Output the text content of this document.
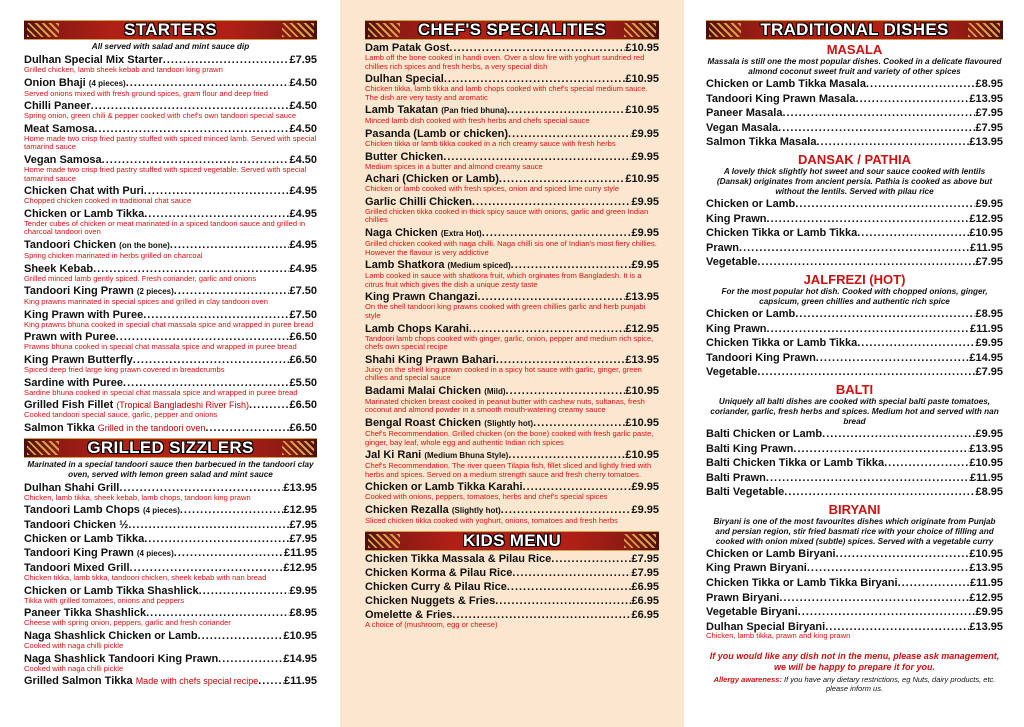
STARTERS
All served with salad and mint sauce dip
Dulhan Special Mix Starter .....	£7.95
Grilled chicken, lamb sheek kebab and tandoori king prawn
Onion Bhaji (4 pieces) .....	£4.50
Served onions mixed with fresh ground spices, gram flour and deep fried
Chilli Paneer .....	£4.50
Spring onion, green chili & pepper cooked with chef's own tandoori special sauce
Meat Samosa .....	£4.50
Home made two crisp fried pastry stuffed with spiced minced lamb. Served with special tamarind sauce
Vegan Samosa .....	£4.50
Home made two crisp fried pastry stuffed with spiced vegetable. Served with special tamarind sauce
Chicken Chat with Puri .....	£4.95
Chopped chicken cooked in traditional chat sauce
Chicken or Lamb Tikka .....	£4.95
Tender cubes of chicken or meat marinated in a spiced tandoori sauce and grilled in charcoal tandoori oven
Tandoori Chicken (on the bone) .....	£4.95
Spring chicken marinated in herbs grilled on charcoal
Sheek Kebab .....	£4.95
Grilled minced lamb gently spiced. Fresh coriander, garlic and onions
Tandoori King Prawn (2 pieces) .....	£7.50
King prawns marinated in special spices and grilled in clay tandoori oven
King Prawn with Puree .....	£7.50
King prawns bhuna cooked in special chat massala spice and wrapped in puree bread
Prawn with Puree .....	£6.50
Prawns bhuna cooked in special chat massala spice and wrapped in puree bread
King Prawn Butterfly .....	£6.50
Spiced deep fried large king prawn covered in breadcrumbs
Sardine with Puree .....	£5.50
Sardine bhuna cooked in special chat massala spice and wrapped in puree bread
Grilled Fish Fillet (Tropical Bangladeshi River Fish) .....	£6.50
Cooked tandoori special sauce, garlic, pepper and onions
Salmon Tikka Grilled in the tandoori oven .....	£6.50
GRILLED SIZZLERS
Marinated in a special tandoori sauce then barbecued in the tandoori clay oven, served with lemon green salad and mint sauce
Dulhan Shahi Grill .....	£13.95
Chicken, lamb tikka, sheek kebab, lamb chops, tandoori king prawn
Tandoori Lamb Chops (4 pieces) .....	£12.95
Tandoori Chicken ½ .....	£7.95
Chicken or Lamb Tikka .....	£7.95
Tandoori King Prawn (4 pieces) .....	£11.95
Tandoori Mixed Grill .....	£12.95
Chicken tikka, lamb tikka, tandoori chicken, sheek kebab with nan bread
Chicken or Lamb Tikka Shashlick .....	£9.95
Tikka with grilled tomatoes, onions and peppers
Paneer Tikka Shashlick .....	£8.95
Cheese with spring onion, peppers, garlic and fresh coriander
Naga Shashlick Chicken or Lamb .....	£10.95
Cooked with naga chilli pickle
Naga Shashlick Tandoori King Prawn .....	£14.95
Cooked with naga chilli pickle
Grilled Salmon Tikka Made with chefs special recipe ..... £11.95
CHEF'S SPECIALITIES
Dam Patak Gost .....	£10.95
Lamb off the bone cooked in handi oven. Over a slow fire with yoghurt sundried red chillies rich spices and fresh herbs, a very special dish
Dulhan Special .....	£10.95
Chicken tikka, lamb tikka and lamb chops cooked with chef's special medium sauce. The dish are very tasty and aromatic
Lamb Takatan (Pan fried bhuna) .....	£10.95
Minced lamb dish cooked with fresh herbs and chefs special sauce
Pasanda (Lamb or chicken) .....	£9.95
Chicken tikka or lamb tikka cooked in a rich creamy sauce with fresh herbs
Butter Chicken .....	£9.95
Medium spices in a butter and almond creamy sauce
Achari (Chicken or Lamb) .....	£10.95
Chicken or lamb cooked with fresh spices, onion and spiced lime curry style
Garlic Chilli Chicken .....	£9.95
Grilled chicken tikka cooked in thick spicy sauce with onions, garlic and green Indian chillies
Naga Chicken (Extra Hot) .....	£9.95
Grilled chicken cooked with naga chilli. Naga chilli sis one of Indian's most fiery chillies. However the flavour is very addictive
Lamb Shatkora (Medium spiced) .....	£9.95
Lamb cooked in sauce with shatkora fruit, which orginates from Bangladesh. It is a citrus fruit which gives the dish a unique zesty taste
King Prawn Changazi .....	£13.95
On the shell tandoori king prawns cooked with green chillies garlic and herb punjabi style
Lamb Chops Karahi .....	£12.95
Tandoori lamb chops cooked with ginger, garlic, onion, pepper and medium rich spice, chefs own special recipe
Shahi King Prawn Bahari .....	£13.95
Juicy on the shell king prawn cooked in a spicy hot sauce with garlic, ginger, green chillies and special sauce
Badami Malai Chicken (Mild) .....	£10.95
Marinated chicken breast cooked in peanut butter with cashew nuts, sultanas, fresh coconut and almond powder in a smooth mouth-watering creamy sauce
Bengal Roast Chicken (Slightly hot) .....	£10.95
Chef's Recommendation. Grilled chicken (on the bone) cooked with fresh garlic paste, ginger, bay leaf, whole egg and authentic Indian rich spices
Jal Ki Rani (Medium Bhuna Style) .....	£10.95
Chef's Recommendation. The river queen Tilapia fish, fillet sliced and lightly fried with herbs and spices. Served on a medium strength sauce and fresh cherry tomatoes.
Chicken or Lamb Tikka Karahi .....	£9.95
Cooked with onions, peppers, tomatoes, herbs and chef's special spices
Chicken Rezalla (Slightly hot) .....	£9.95
Sliced chicken tikka cooked with yoghurt, onions, tomatoes and fresh herbs
KIDS MENU
Chicken Tikka Massala & Pilau Rice .....	£7.95
Chicken Korma & Pilau Rice .....	£7.95
Chicken Curry & Pilau Rice .....	£6.95
Chicken Nuggets & Fries .....	£6.95
Omelette & Fries .....	£6.95
A choice of (mushroom, egg or cheese)
TRADITIONAL DISHES
MASALA
Massala is still one the most popular dishes. Cooked in a delicate flavoured almond coconut sweet fruit and variety of other spices
Chicken or Lamb Tikka Masala .....	£8.95
Tandoori King Prawn Masala .....	£13.95
Paneer Masala .....	£7.95
Vegan Masala .....	£7.95
Salmon Tikka Masala .....	£13.95
DANSAK / PATHIA
A lovely thick slightly hot sweet and sour sauce cooked with lentils (Dansak) originates from ancient persia. Pathia is cooked as above but without the lentils. Served with pilau rice
Chicken or Lamb .....	£9.95
King Prawn .....	£12.95
Chicken Tikka or Lamb Tikka .....	£10.95
Prawn .....	£11.95
Vegetable .....	£7.95
JALFREZI (HOT)
For the most popular hot dish. Cooked with chopped onions, ginger, capsicum, green chillies and authentic rich spice
Chicken or Lamb .....	£8.95
King Prawn .....	£11.95
Chicken Tikka or Lamb Tikka .....	£9.95
Tandoori King Prawn .....	£14.95
Vegetable .....	£7.95
BALTI
Uniquely all balti dishes are cooked with special balti paste tomatoes, coriander, garlic, fresh herbs and spices. Medium hot and served with nan bread
Balti Chicken or Lamb .....	£9.95
Balti King Prawn .....	£13.95
Balti Chicken Tikka or Lamb Tikka .....	£10.95
Balti Prawn .....	£11.95
Balti Vegetable .....	£8.95
BIRYANI
Biryani is one of the most favourites dishes which originate from Punjab and persian region, stir fried basmati rice with your choice of filling and cooked with onion mixed (subtle) spices. Served with a vegetable curry
Chicken or Lamb Biryani .....	£10.95
King Prawn Biryani .....	£13.95
Chicken Tikka or Lamb Tikka Biryani .....	£11.95
Prawn Biryani .....	£12.95
Vegetable Biryani .....	£9.95
Dulhan Special Biryani .....	£13.95
Chicken, lamb tikka, prawn and king prawn
If you would like any dish not in the menu, please ask management, we will be happy to prepare it for you.
Allergy awareness: If you have any dietary restrictions, eg Nuts, dairy products, etc. please inform us.
